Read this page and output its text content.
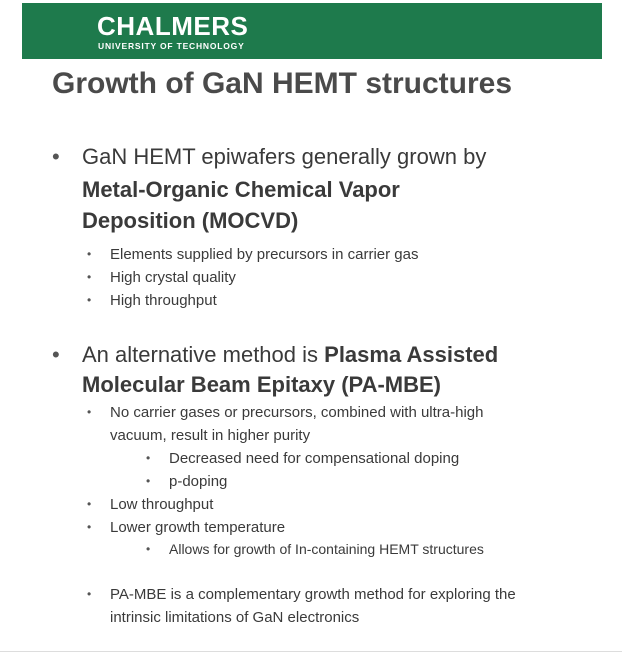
CHALMERS
UNIVERSITY OF TECHNOLOGY
Growth of GaN HEMT structures
• GaN HEMT epiwafers generally grown by
Metal-Organic Chemical Vapor
Deposition (MOCVD)
• Elements supplied by precursors in carrier gas
• High crystal quality
• High throughput
• An alternative method is Plasma Assisted
Molecular Beam Epitaxy (PA-MBE)
• No carrier gases or precursors, combined with ultra-high
vacuum, result in higher purity
• Decreased need for compensational doping
• p-doping
• Low throughput
• Lower growth temperature
• Allows for growth of In-containing HEMT structures
• PA-MBE is a complementary growth method for exploring the
intrinsic limitations of GaN electronics
